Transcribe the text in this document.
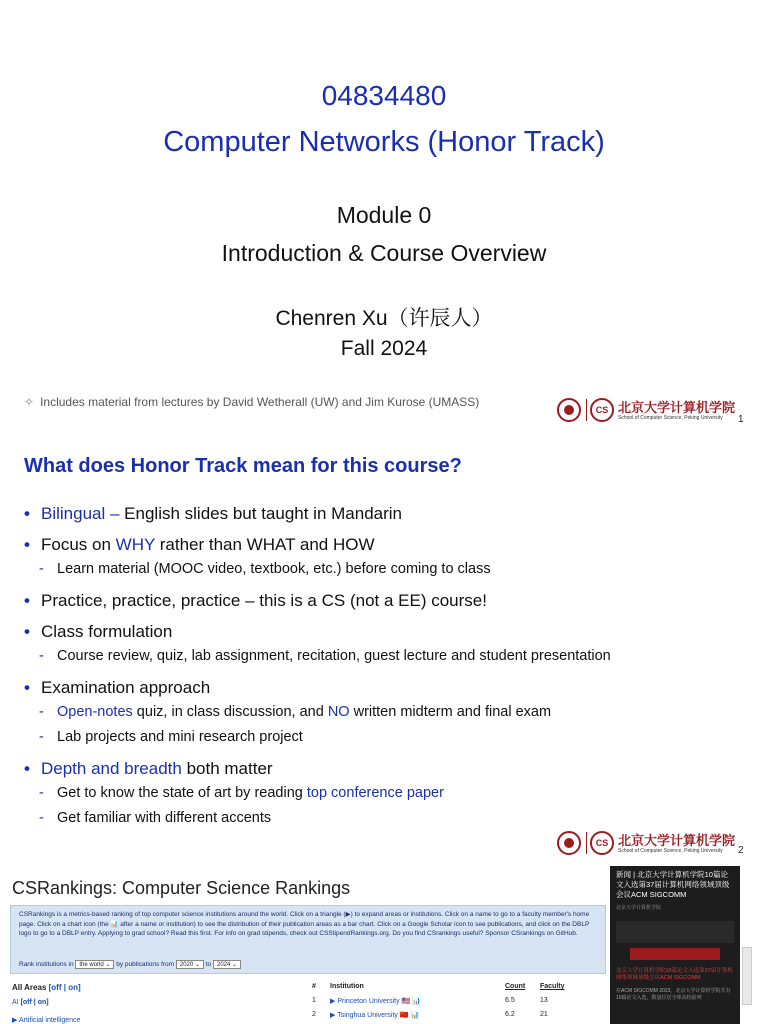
04834480
Computer Networks (Honor Track)
Module 0
Introduction & Course Overview
Chenren Xu（许辰人）
Fall 2024
✧ Includes material from lectures by David Wetherall (UW) and Jim Kurose (UMASS)
CS 北京大学计算机学院
School of Computer Science, Peking University 1
What does Honor Track mean for this course?
• Bilingual – English slides but taught in Mandarin
• Focus on WHY rather than WHAT and HOW
- Learn material (MOOC video, textbook, etc.) before coming to class
• Practice, practice, practice – this is a CS (not a EE) course!
• Class formulation
- Course review, quiz, lab assignment, recitation, guest lecture and student presentation
• Examination approach
- Open-notes quiz, in class discussion, and NO written midterm and final exam
- Lab projects and mini research project
• Depth and breadth both matter
- Get to know the state of art by reading top conference paper
- Get familiar with different accents
CS 北京大学计算机学院
School of Computer Science, Peking University 2
CSRankings: Computer Science Rankings

CSRankings is a metrics-based ranking of top computer science institutions around the world. Click on a triangle (▶) to expand areas or institutions. Click on a name to go to a faculty member's home page. Click on a chart icon (the 📊 after a name or institution) to see the distribution of their publication areas as a bar chart. Click on a Google Scholar icon to see publications, and click on the DBLP logo to go to a DBLP entry. Applying to grad school? Read this first. For info on grad stipends, check out CSStipendRankings.org. Do you find CSrankings useful? Sponsor CSrankings on GitHub.

Rank institutions in the world ⌄ by publications from 2020 ⌄ to 2024 ⌄
All Areas [off | on]
AI [off | on]
▶ Artificial intelligence
# Institution	Count Faculty
1 ▶ Princeton University 🇺🇸 📊	6.5	13
2 ▶ Tsinghua University 🇨🇳 📊	6.2	21
新闻 | 北京大学计算机学院10篇论文入选第37届计算机网络领域顶级会议ACM SIGCOMM
北京大学计算机学院
北京大学计算机学院10篇论文入选第37届计算机网络领域顶级会议ACM SIGCOMM
在ACM SIGCOMM 2023，北京大学计算机学院共有10篇论文入选，数量位居全球高校前列
